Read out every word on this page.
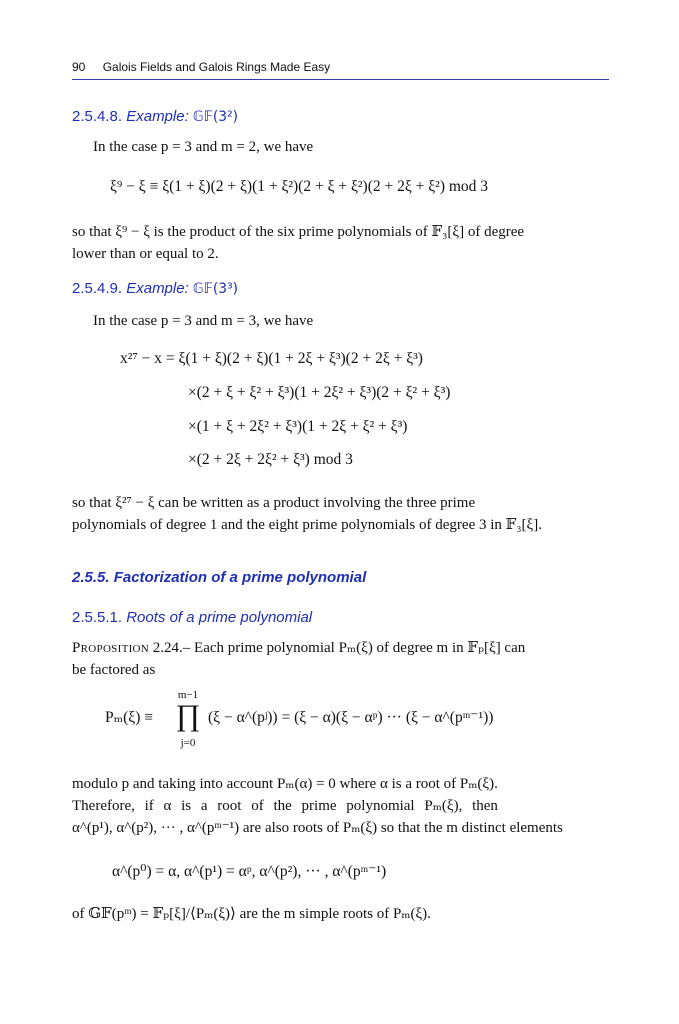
90 Galois Fields and Galois Rings Made Easy
2.5.4.8. Example: 𝔾𝔽(3²)
In the case p = 3 and m = 2, we have
ξ⁹ − ξ ≡ ξ(1 + ξ)(2 + ξ)(1 + ξ²)(2 + ξ + ξ²)(2 + 2ξ + ξ²) mod 3
so that ξ⁹ − ξ is the product of the six prime polynomials of 𝔽₃[ξ] of degree
lower than or equal to 2.
2.5.4.9. Example: 𝔾𝔽(3³)
In the case p = 3 and m = 3, we have
x²⁷ − x = ξ(1 + ξ)(2 + ξ)(1 + 2ξ + ξ³)(2 + 2ξ + ξ³)
×(2 + ξ + ξ² + ξ³)(1 + 2ξ² + ξ³)(2 + ξ² + ξ³)
×(1 + ξ + 2ξ² + ξ³)(1 + 2ξ + ξ² + ξ³)
×(2 + 2ξ + 2ξ² + ξ³) mod 3
so that ξ²⁷ − ξ can be written as a product involving the three prime
polynomials of degree 1 and the eight prime polynomials of degree 3 in 𝔽₃[ξ].
2.5.5. Factorization of a prime polynomial
2.5.5.1. Roots of a prime polynomial
Proposition 2.24.– Each prime polynomial Pₘ(ξ) of degree m in 𝔽ₚ[ξ] can
be factored as
Pₘ(ξ) ≡
m−1
∏
j=0
(ξ − α^(pʲ)) = (ξ − α)(ξ − αᵖ) ··· (ξ − α^(pᵐ⁻¹))
modulo p and taking into account Pₘ(α) = 0 where α is a root of Pₘ(ξ).
Therefore, if α is a root of the prime polynomial Pₘ(ξ), then
α^(p¹), α^(p²), ··· , α^(pᵐ⁻¹) are also roots of Pₘ(ξ) so that the m distinct elements
α^(p⁰) = α, α^(p¹) = αᵖ, α^(p²), ··· , α^(pᵐ⁻¹)
of 𝔾𝔽(pᵐ) = 𝔽ₚ[ξ]/⟨Pₘ(ξ)⟩ are the m simple roots of Pₘ(ξ).
